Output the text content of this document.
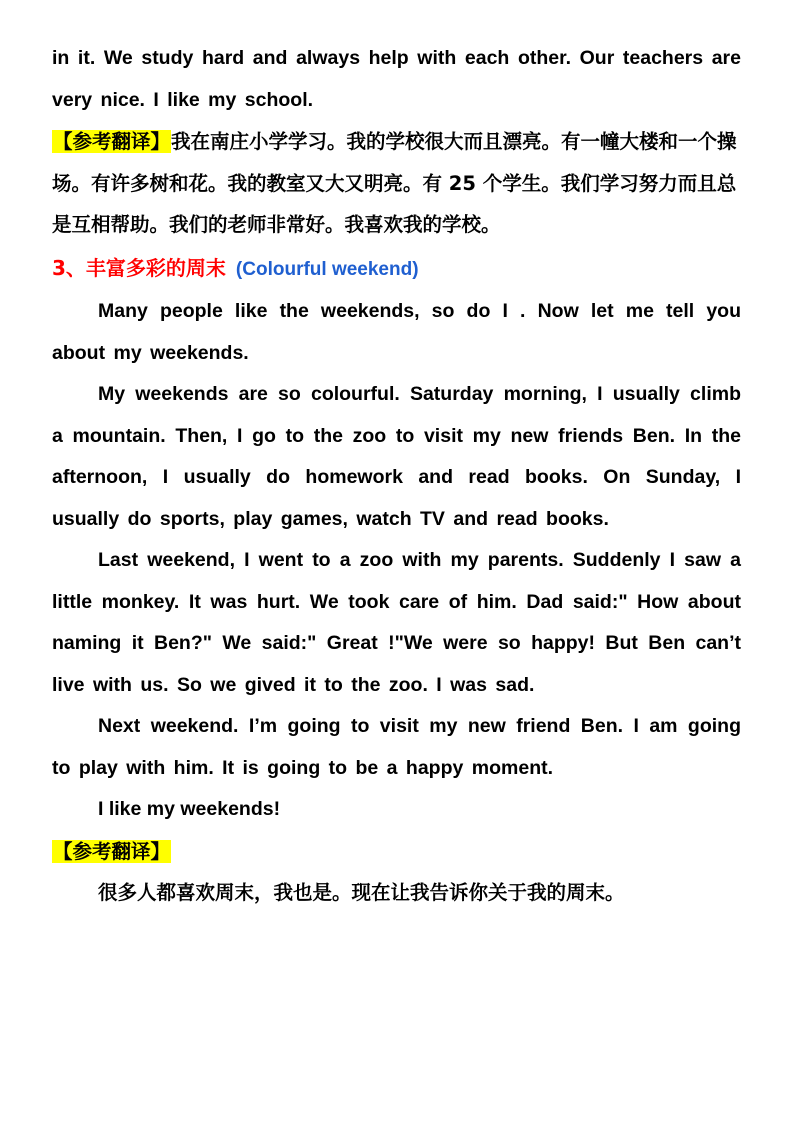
in it. We study hard and always help with each other. Our teachers are very nice. I like my school.

【参考翻译】我在南庄小学学习。我的学校很大而且漂亮。有一幢大楼和一个操场。有许多树和花。我的教室又大又明亮。有 25 个学生。我们学习努力而且总是互相帮助。我们的老师非常好。我喜欢我的学校。

3、丰富多彩的周末 (Colourful weekend)

Many people like the weekends, so do I . Now let me tell you about my weekends.

My weekends are so colourful. Saturday morning, I usually climb a mountain. Then, I go to the zoo to visit my new friends Ben. In the afternoon, I usually do homework and read books. On Sunday, I usually do sports, play games, watch TV and read books.

Last weekend, I went to a zoo with my parents. Suddenly I saw a little monkey. It was hurt. We took care of him. Dad said:" How about naming it Ben?" We said:" Great !"We were so happy! But Ben can’t live with us. So we gived it to the zoo. I was sad.

Next weekend. I’m going to visit my new friend Ben. I am going to play with him. It is going to be a happy moment.

I like my weekends!

【参考翻译】

很多人都喜欢周末，我也是。现在让我告诉你关于我的周末。
